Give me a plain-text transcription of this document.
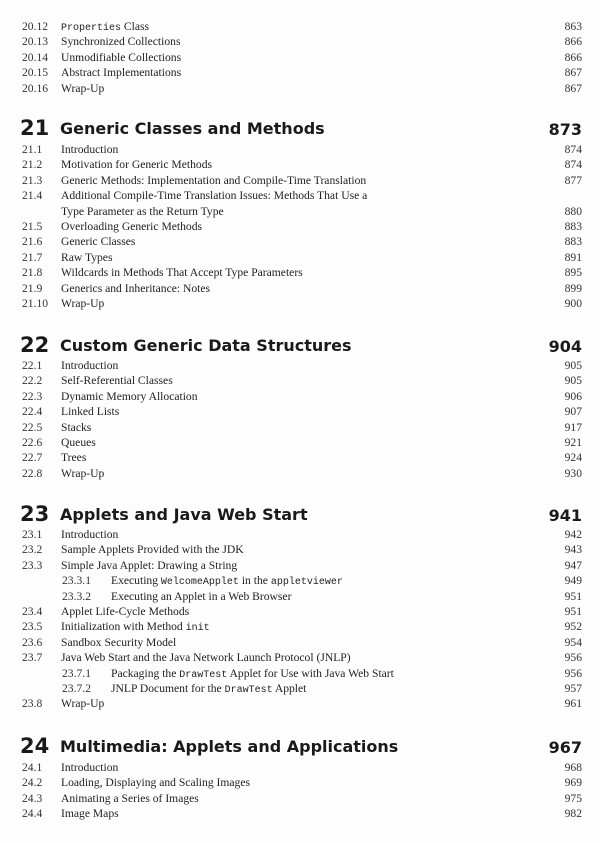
20.12 Properties Class	863
20.13 Synchronized Collections	866
20.14 Unmodifiable Collections	866
20.15 Abstract Implementations	867
20.16 Wrap-Up	867
21 Generic Classes and Methods	873
21.1 Introduction	874
21.2 Motivation for Generic Methods	874
21.3 Generic Methods: Implementation and Compile-Time Translation	877
21.4 Additional Compile-Time Translation Issues: Methods That Use a
Type Parameter as the Return Type	880
21.5 Overloading Generic Methods	883
21.6 Generic Classes	883
21.7 Raw Types	891
21.8 Wildcards in Methods That Accept Type Parameters	895
21.9 Generics and Inheritance: Notes	899
21.10 Wrap-Up	900
22 Custom Generic Data Structures	904
22.1 Introduction	905
22.2 Self-Referential Classes	905
22.3 Dynamic Memory Allocation	906
22.4 Linked Lists	907
22.5 Stacks	917
22.6 Queues	921
22.7 Trees	924
22.8 Wrap-Up	930
23 Applets and Java Web Start	941
23.1 Introduction	942
23.2 Sample Applets Provided with the JDK	943
23.3 Simple Java Applet: Drawing a String	947
23.3.1 Executing WelcomeApplet in the appletviewer	949
23.3.2 Executing an Applet in a Web Browser	951
23.4 Applet Life-Cycle Methods	951
23.5 Initialization with Method init	952
23.6 Sandbox Security Model	954
23.7 Java Web Start and the Java Network Launch Protocol (JNLP)	956
23.7.1 Packaging the DrawTest Applet for Use with Java Web Start	956
23.7.2 JNLP Document for the DrawTest Applet	957
23.8 Wrap-Up	961
24 Multimedia: Applets and Applications	967
24.1 Introduction	968
24.2 Loading, Displaying and Scaling Images	969
24.3 Animating a Series of Images	975
24.4 Image Maps	982
